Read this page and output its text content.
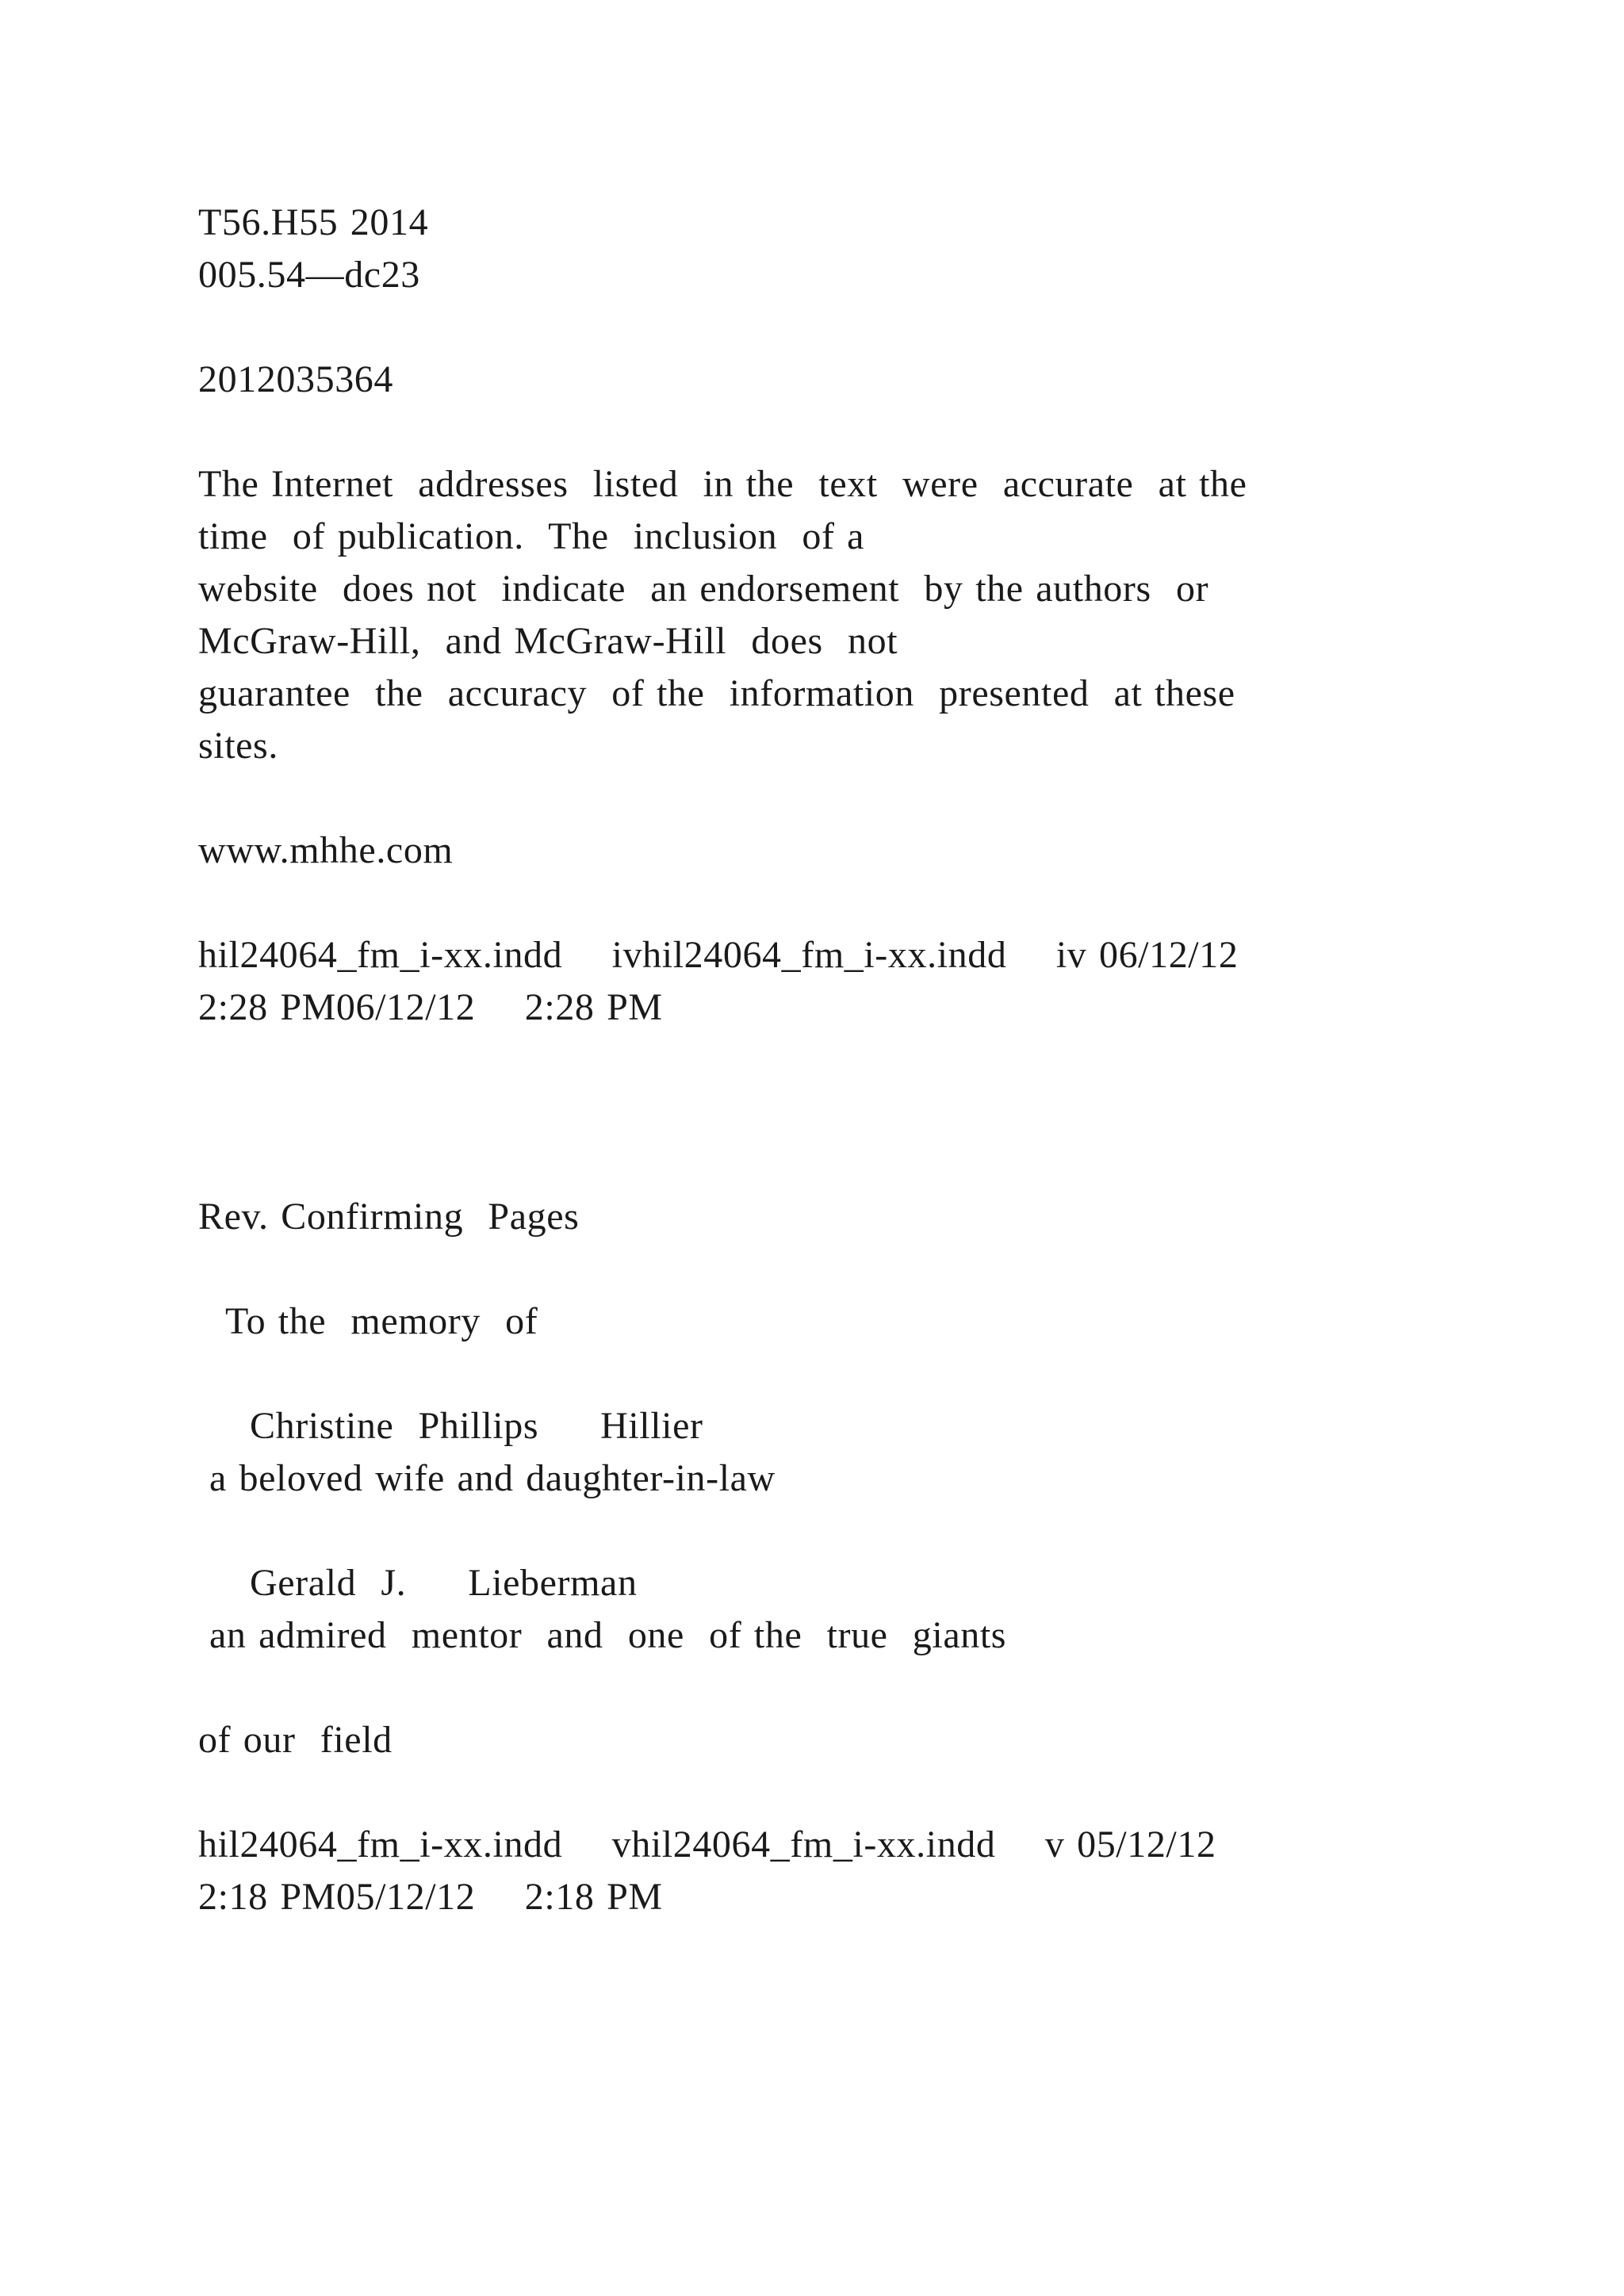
T56.H55 2014

005.54—dc23

2012035364

The Internet  addresses  listed  in the  text  were  accurate  at the

time  of publication.  The  inclusion  of a

website  does not  indicate  an endorsement  by the authors  or

McGraw-Hill,  and McGraw-Hill  does  not

guarantee  the  accuracy  of the  information  presented  at these

sites.

www.mhhe.com

hil24064_fm_i-xx.indd    ivhil24064_fm_i-xx.indd    iv 06/12/12

2:28 PM06/12/12    2:28 PM

Rev. Confirming  Pages

To the  memory  of

Christine  Phillips     Hillier

a beloved wife and daughter-in-law

Gerald  J.     Lieberman

an admired  mentor  and  one  of the  true  giants

of our  field

hil24064_fm_i-xx.indd    vhil24064_fm_i-xx.indd    v 05/12/12

2:18 PM05/12/12    2:18 PM
